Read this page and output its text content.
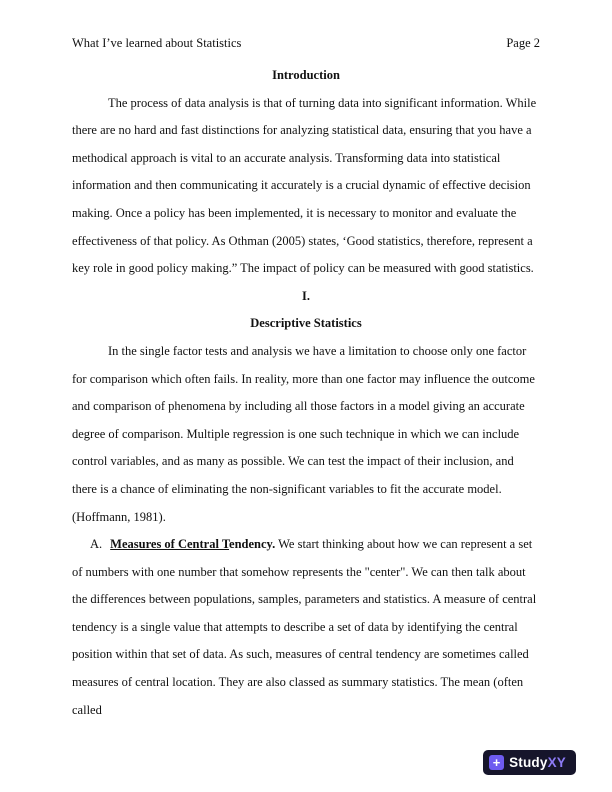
What I’ve learned about Statistics	Page 2
Introduction

The process of data analysis is that of turning data into significant information. While there are no hard and fast distinctions for analyzing statistical data, ensuring that you have a methodical approach is vital to an accurate analysis. Transforming data into statistical information and then communicating it accurately is a crucial dynamic of effective decision making. Once a policy has been implemented, it is necessary to monitor and evaluate the effectiveness of that policy. As Othman (2005) states, ‘Good statistics, therefore, represent a key role in good policy making.” The impact of policy can be measured with good statistics.

I.
Descriptive Statistics

In the single factor tests and analysis we have a limitation to choose only one factor for comparison which often fails. In reality, more than one factor may influence the outcome and comparison of phenomena by including all those factors in a model giving an accurate degree of comparison. Multiple regression is one such technique in which we can include control variables, and as many as possible. We can test the impact of their inclusion, and there is a chance of eliminating the non-significant variables to fit the accurate model. (Hoffmann, 1981).

A. Measures of Central Tendency. We start thinking about how we can represent a set of numbers with one number that somehow represents the "center". We can then talk about the differences between populations, samples, parameters and statistics. A measure of central tendency is a single value that attempts to describe a set of data by identifying the central position within that set of data. As such, measures of central tendency are sometimes called measures of central location. They are also classed as summary statistics. The mean (often called

+ StudyXY
